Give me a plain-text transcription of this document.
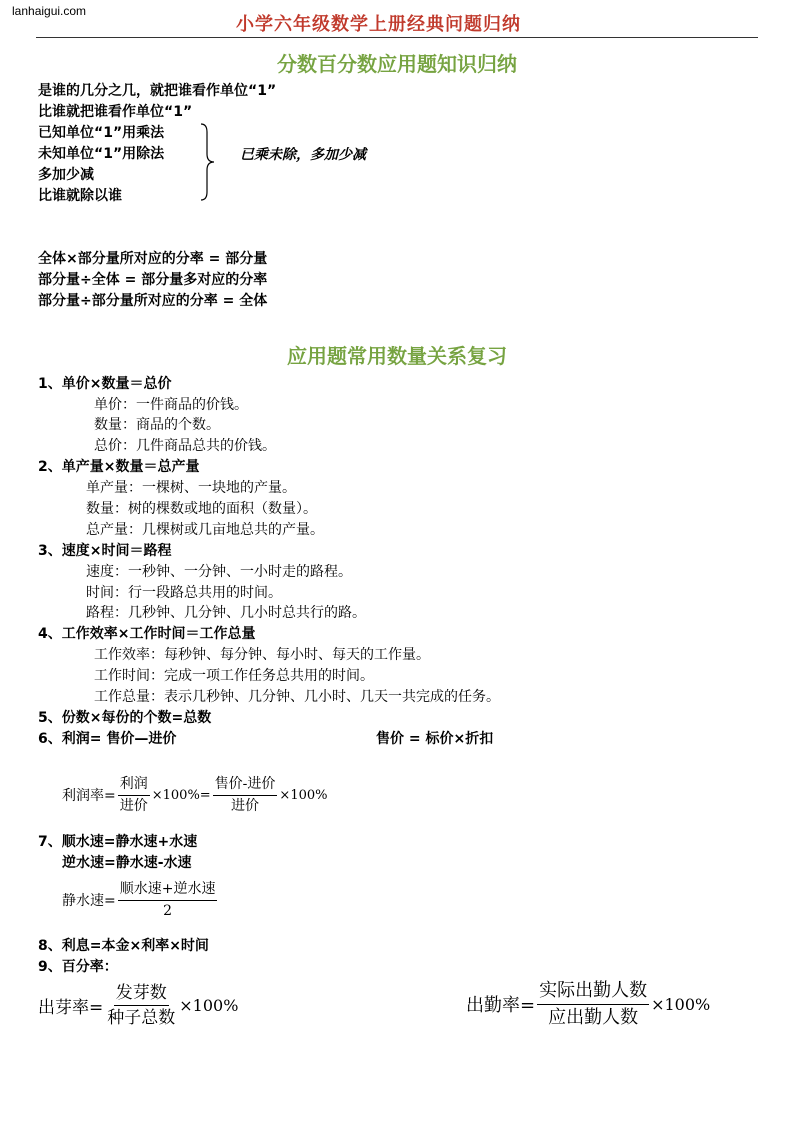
lanhaigui.com
小学六年级数学上册经典问题归纳
分数百分数应用题知识归纳
是谁的几分之几，就把谁看作单位“1”
比谁就把谁看作单位“1”
已知单位“1”用乘法
未知单位“1”用除法
多加少减
比谁就除以谁
已乘未除，多加少减
全体×部分量所对应的分率 = 部分量
部分量÷全体 = 部分量多对应的分率
部分量÷部分量所对应的分率 = 全体
应用题常用数量关系复习
1、单价×数量＝总价
单价：一件商品的价钱。
数量：商品的个数。
总价：几件商品总共的价钱。
2、单产量×数量＝总产量
单产量：一棵树、一块地的产量。
数量：树的棵数或地的面积（数量）。
总产量：几棵树或几亩地总共的产量。
3、速度×时间＝路程
速度：一秒钟、一分钟、一小时走的路程。
时间：行一段路总共用的时间。
路程：几秒钟、几分钟、几小时总共行的路。
4、工作效率×工作时间＝工作总量
工作效率：每秒钟、每分钟、每小时、每天的工作量。
工作时间：完成一项工作任务总共用的时间。
工作总量：表示几秒钟、几分钟、几小时、几天一共完成的任务。
5、份数×每份的个数=总数
6、利润= 售价—进价	售价 = 标价×折扣
利润率= $\frac{\text{利润}}{\text{进价}} \times 100\%= \frac{\text{售价-进价}}{\text{进价}} \times 100\%$
7、顺水速=静水速+水速
逆水速=静水速-水速
静水速= $\frac{\text{顺水速+逆水速}}{2}$
8、利息=本金×利率×时间
9、百分率：
出芽率= $\frac{\text{发芽数}}{\text{种子总数}} \times 100\%$	出勤率= $\frac{\text{实际出勤人数}}{\text{应出勤人数}} \times 100\%$
